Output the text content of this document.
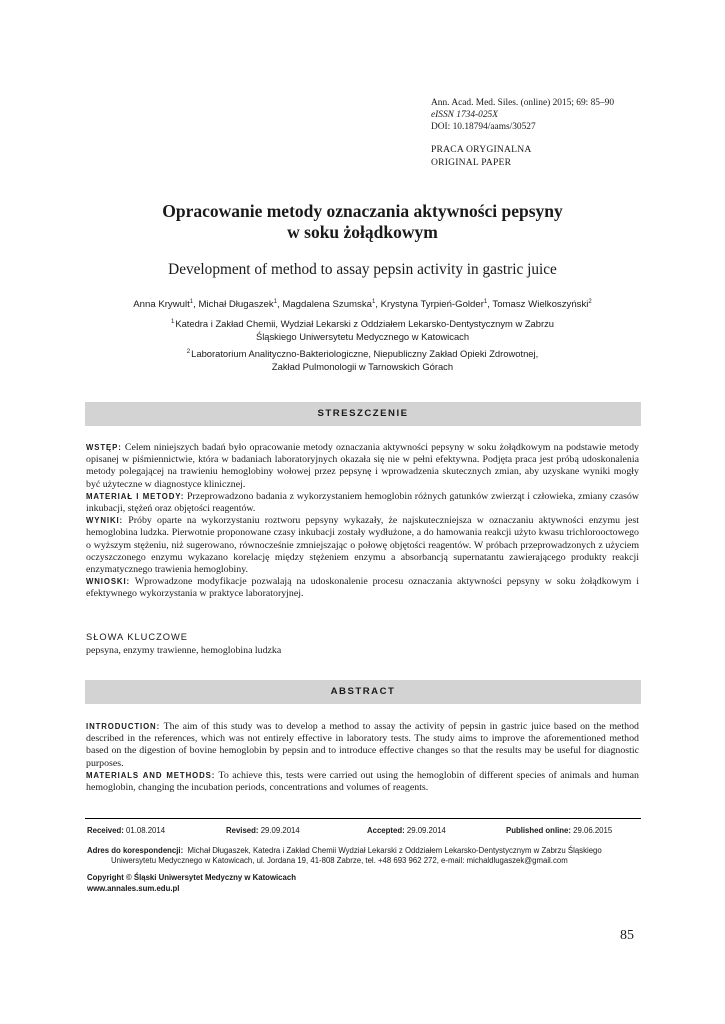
Ann. Acad. Med. Siles. (online) 2015; 69: 85–90
eISSN 1734-025X
DOI: 10.18794/aams/30527
PRACA ORYGINALNA
ORIGINAL PAPER
Opracowanie metody oznaczania aktywności pepsyny
w soku żołądkowym
Development of method to assay pepsin activity in gastric juice
Anna Krywult$^1$, Michał Długaszek$^1$, Magdalena Szumska$^1$, Krystyna Tyrpień-Golder$^1$, Tomasz Wielkoszyński$^2$
$^1$Katedra i Zakład Chemii, Wydział Lekarski z Oddziałem Lekarsko-Dentystycznym w Zabrzu
Śląskiego Uniwersytetu Medycznego w Katowicach
$^2$Laboratorium Analityczno-Bakteriologiczne, Niepubliczny Zakład Opieki Zdrowotnej,
Zakład Pulmonologii w Tarnowskich Górach
STRESZCZENIE
WSTĘP: Celem niniejszych badań było opracowanie metody oznaczania aktywności pepsyny w soku żołądkowym na podstawie metody opisanej w piśmiennictwie, która w badaniach laboratoryjnych okazała się nie w pełni efektywna. Podjęta praca jest próbą udoskonalenia metody polegającej na trawieniu hemoglobiny wołowej przez pepsynę i wprowadzenia skutecznych zmian, aby uzyskane wyniki mogły być użyteczne w diagnostyce klinicznej.
MATERIAŁ I METODY: Przeprowadzono badania z wykorzystaniem hemoglobin różnych gatunków zwierząt i człowieka, zmiany czasów inkubacji, stężeń oraz objętości reagentów.
WYNIKI: Próby oparte na wykorzystaniu roztworu pepsyny wykazały, że najskuteczniejsza w oznaczaniu aktywności enzymu jest hemoglobina ludzka. Pierwotnie proponowane czasy inkubacji zostały wydłużone, a do hamowania reakcji użyto kwasu trichlorooctowego o wyższym stężeniu, niż sugerowano, równocześnie zmniejszając o połowę objętości reagentów. W próbach przeprowadzonych z użyciem oczyszczonego enzymu wykazano korelację między stężeniem enzymu a absorbancją supernatantu zawierającego produkty reakcji enzymatycznego trawienia hemoglobiny.
WNIOSKI: Wprowadzone modyfikacje pozwalają na udoskonalenie procesu oznaczania aktywności pepsyny w soku żołądkowym i efektywnego wykorzystania w praktyce laboratoryjnej.
SŁOWA KLUCZOWE
pepsyna, enzymy trawienne, hemoglobina ludzka
ABSTRACT
INTRODUCTION: The aim of this study was to develop a method to assay the activity of pepsin in gastric juice based on the method described in the references, which was not entirely effective in laboratory tests. The study aims to improve the aforementioned method based on the digestion of bovine hemoglobin by pepsin and to introduce effective changes so that the results may be useful for diagnostic purposes.
MATERIALS AND METHODS: To achieve this, tests were carried out using the hemoglobin of different species of animals and human hemoglobin, changing the incubation periods, concentrations and volumes of reagents.
Received: 01.08.2014	Revised: 29.09.2014	Accepted: 29.09.2014	Published online: 29.06.2015
Adres do korespondencji: Michał Długaszek, Katedra i Zakład Chemii Wydział Lekarski z Oddziałem Lekarsko-Dentystycznym w Zabrzu Śląskiego
Uniwersytetu Medycznego w Katowicach, ul. Jordana 19, 41-808 Zabrze, tel. +48 693 962 272, e-mail: michaldlugaszek@gmail.com
Copyright © Śląski Uniwersytet Medyczny w Katowicach
www.annales.sum.edu.pl
85
